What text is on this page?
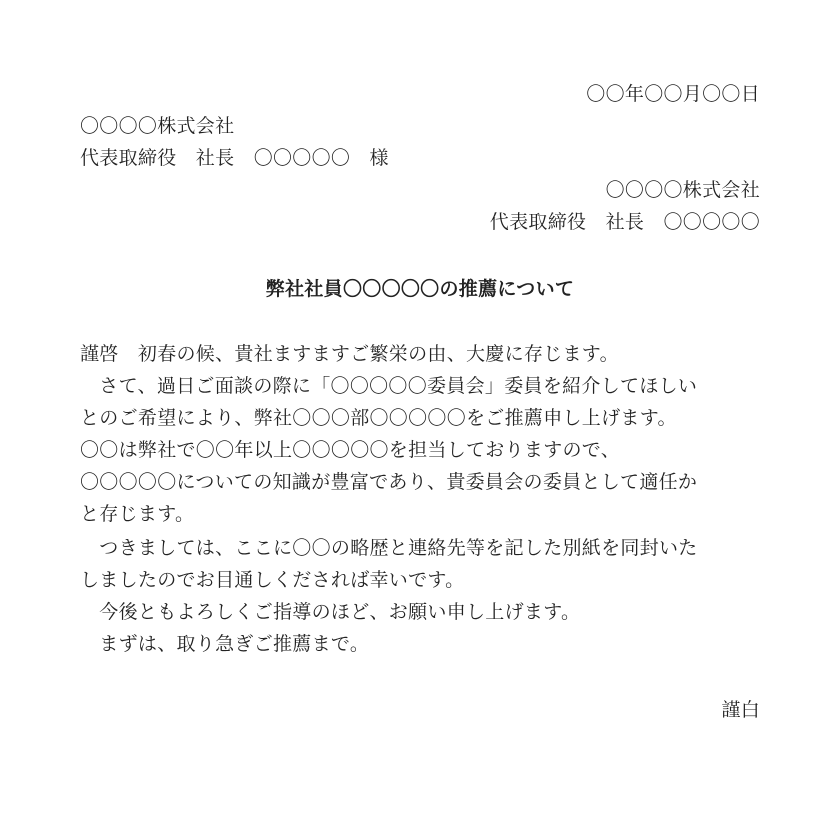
〇〇年〇〇月〇〇日
〇〇〇〇株式会社
代表取締役　社長　〇〇〇〇〇　様
〇〇〇〇株式会社
代表取締役　社長　〇〇〇〇〇
弊社社員〇〇〇〇〇の推薦について
謹啓　初春の候、貴社ますますご繁栄の由、大慶に存じます。
　さて、過日ご面談の際に「〇〇〇〇〇委員会」委員を紹介してほしい
とのご希望により、弊社〇〇〇部〇〇〇〇〇をご推薦申し上げます。
〇〇は弊社で〇〇年以上〇〇〇〇〇を担当しておりますので、
〇〇〇〇〇についての知識が豊富であり、貴委員会の委員として適任か
と存じます。
　つきましては、ここに〇〇の略歴と連絡先等を記した別紙を同封いた
しましたのでお目通しくだされば幸いです。
　今後ともよろしくご指導のほど、お願い申し上げます。
　まずは、取り急ぎご推薦まで。
謹白
